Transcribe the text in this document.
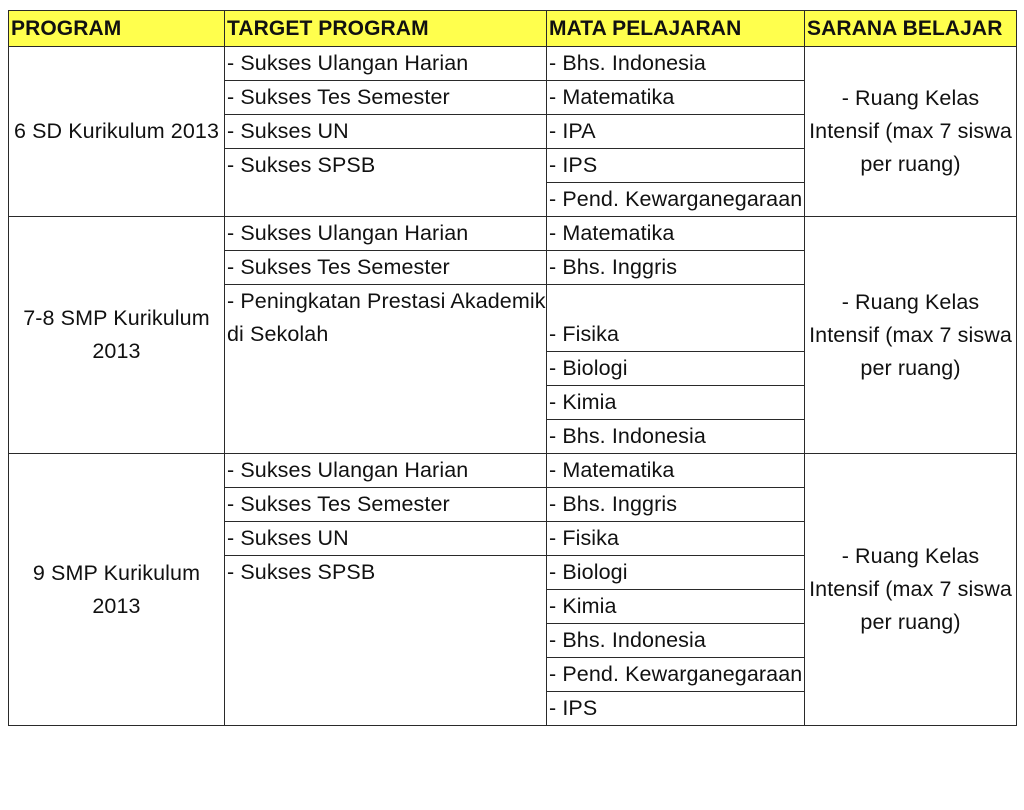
PROGRAM	TARGET PROGRAM	MATA PELAJARAN	SARANA BELAJAR
6 SD Kurikulum 2013	- Sukses Ulangan Harian	- Bhs. Indonesia	- Ruang Kelas Intensif (max 7 siswa per ruang)
	- Sukses Tes Semester	- Matematika	
	- Sukses UN	- IPA	
	- Sukses SPSB	- IPS	
		- Pend. Kewarganegaraan	
7-8 SMP Kurikulum 2013	- Sukses Ulangan Harian	- Matematika	- Ruang Kelas Intensif (max 7 siswa per ruang)
	- Sukses Tes Semester	- Bhs. Inggris	
	- Peningkatan Prestasi Akademik di Sekolah	- Fisika	
		- Biologi	
		- Kimia	
		- Bhs. Indonesia	
9 SMP Kurikulum 2013	- Sukses Ulangan Harian	- Matematika	- Ruang Kelas Intensif (max 7 siswa per ruang)
	- Sukses Tes Semester	- Bhs. Inggris	
	- Sukses UN	- Fisika	
	- Sukses SPSB	- Biologi	
		- Kimia	
		- Bhs. Indonesia	
		- Pend. Kewarganegaraan	
		- IPS	
